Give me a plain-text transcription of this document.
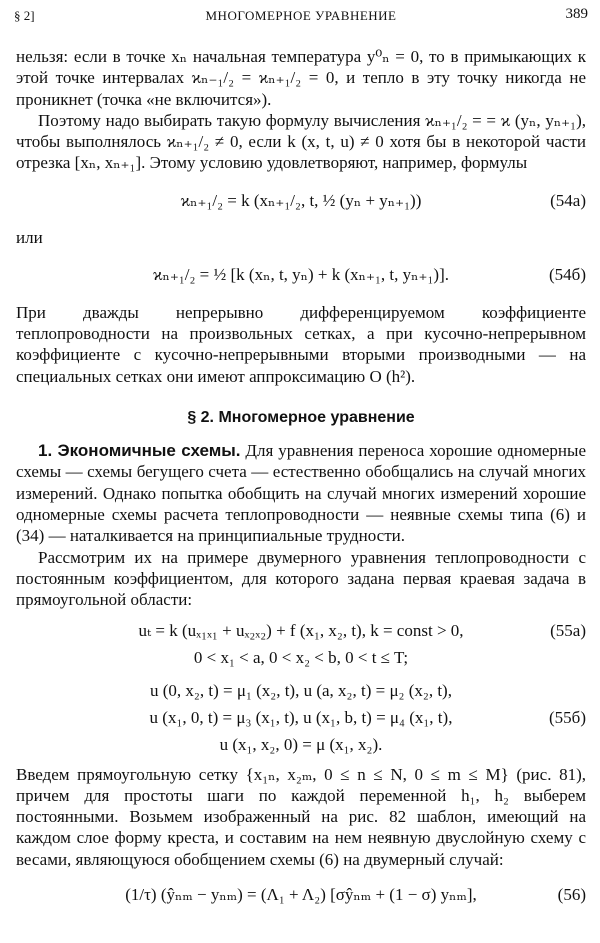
§ 2]	МНОГОМЕРНОЕ УРАВНЕНИЕ	389

нельзя: если в точке xₙ начальная температура y⁰ₙ = 0, то в примыкающих к этой точке интервалах ϰₙ₋₁/₂ = ϰₙ₊₁/₂ = 0, и тепло в эту точку никогда не проникнет (точка «не включится»).

Поэтому надо выбирать такую формулу вычисления ϰₙ₊₁/₂ = = ϰ (yₙ, yₙ₊₁), чтобы выполнялось ϰₙ₊₁/₂ ≠ 0, если k (x, t, u) ≠ 0 хотя бы в некоторой части отрезка [xₙ, xₙ₊₁]. Этому условию удовлетворяют, например, формулы

ϰₙ₊₁/₂ = k (xₙ₊₁/₂, t, ½ (yₙ + yₙ₊₁))	(54а)

или

ϰₙ₊₁/₂ = ½ [k (xₙ, t, yₙ) + k (xₙ₊₁, t, yₙ₊₁)].	(54б)

При дважды непрерывно дифференцируемом коэффициенте теплопроводности на произвольных сетках, а при кусочно-непрерывном коэффициенте с кусочно-непрерывными вторыми производными — на специальных сетках они имеют аппроксимацию O (h²).

§ 2. Многомерное уравнение

1. Экономичные схемы. Для уравнения переноса хорошие одномерные схемы — схемы бегущего счета — естественно обобщались на случай многих измерений. Однако попытка обобщить на случай многих измерений хорошие одномерные схемы расчета теплопроводности — неявные схемы типа (6) и (34) — наталкивается на принципиальные трудности.

Рассмотрим их на примере двумерного уравнения теплопроводности с постоянным коэффициентом, для которого задана первая краевая задача в прямоугольной области:

uₜ = k (uₓ₁ₓ₁ + uₓ₂ₓ₂) + f (x₁, x₂, t), k = const > 0,
0 < x₁ < a, 0 < x₂ < b, 0 < t ≤ T;
(55а)
u (0, x₂, t) = μ₁ (x₂, t), u (a, x₂, t) = μ₂ (x₂, t),
u (x₁, 0, t) = μ₃ (x₁, t), u (x₁, b, t) = μ₄ (x₁, t),
u (x₁, x₂, 0) = μ (x₁, x₂).
(55б)

Введем прямоугольную сетку {x₁ₙ, x₂ₘ, 0 ≤ n ≤ N, 0 ≤ m ≤ M} (рис. 81), причем для простоты шаги по каждой переменной h₁, h₂ выберем постоянными. Возьмем изображенный на рис. 82 шаблон, имеющий на каждом слое форму креста, и составим на нем неявную двуслойную схему с весами, являющуюся обобщением схемы (6) на двумерный случай:

(1/τ) (ŷₙₘ − yₙₘ) = (Λ₁ + Λ₂) [σŷₙₘ + (1 − σ) yₙₘ],	(56)
